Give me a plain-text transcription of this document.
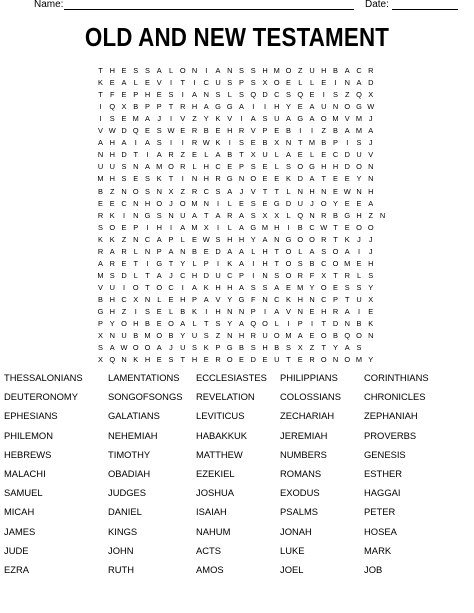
Name:	Date:
OLD AND NEW TESTAMENT
T H E S S A L O N	I	A N S S H M O Z U H B A C R
K E A L E V	I	T	I	C U S P S X O E L	L E	I	N A D
T F E P H E S	I	A N S L S Q D C S Q E	I	S Z Q X
I	Q X B P P T R H A G G A	I	I	H Y E A U N O G W
I	S E M A	J	I	V Z Y K V	I	A S U A G A O M V M J
V W D Q E S W E R B E H R V P E B	I	I	Z B A M A
A H A	I	A S	I	I	R W K	I	S E B X N T M B P	I	S	J
N H D T	I	A R Z E L A B T X U L A E L E C D U V
U U S N A M O R L H C E P S E L S O G H H D O N
M H S E S K T	I	N H R G N O E E K D A T E E Y N
B Z N O S N X Z R C S A	J	V T T	L N H N E W N H
E E C N H O J O M N	I	L E S E G D U J O Y E E A
R K	I	N G S N U A T A R A S X X L Q N R B G H Z N
S O E P	I	H	I	A M X	I	L A G M H	I	B C W T E O O
K K Z N C A P L E W S H H Y A N G O O R T K	J	J
R A R L N P A N B E D A A L H T O L A S O A	I	J
A R E T	I	G T Y L P	I	K A	I	H T O S B C O M E H
M S D L	T A	J C H D U C P	I	N S O R F X T R L S
V U	I	O T O C	I	A K H H A S S A E M Y O E S S Y
B H C X N L E H P A V Y G F N C K H N C P T U X
G H Z	I	S E L B K	I	H N N P	I	A V N E H R A	I	E
P Y O H B E O A L	T S Y A Q O L	I	P	I	T D N B K
X N U B M O B Y U S Z N H R U O M A E O B Q O N
S A W O O A	J U S K P G B S H B S X Z T Y A S
X Q N K H E S T H E R O E D E U T E R O N O M Y
THESSALONIANS	LAMENTATIONS ECCLESIASTES PHILIPPIANS	CORINTHIANS
DEUTERONOMY	SONGOFSONGS REVELATION	COLOSSIANS CHRONICLES
EPHESIANS	GALATIANS	LEVITICUS	ZECHARIAH	ZEPHANIAH
PHILEMON	NEHEMIAH	HABAKKUK	JEREMIAH	PROVERBS
HEBREWS	TIMOTHY	MATTHEW	NUMBERS	GENESIS
MALACHI	OBADIAH	EZEKIEL	ROMANS	ESTHER
SAMUEL	JUDGES	JOSHUA	EXODUS	HAGGAI
MICAH	DANIEL	ISAIAH	PSALMS	PETER
JAMES	KINGS	NAHUM	JONAH	HOSEA
JUDE	JOHN	ACTS	LUKE	MARK
EZRA	RUTH	AMOS	JOEL	JOB
